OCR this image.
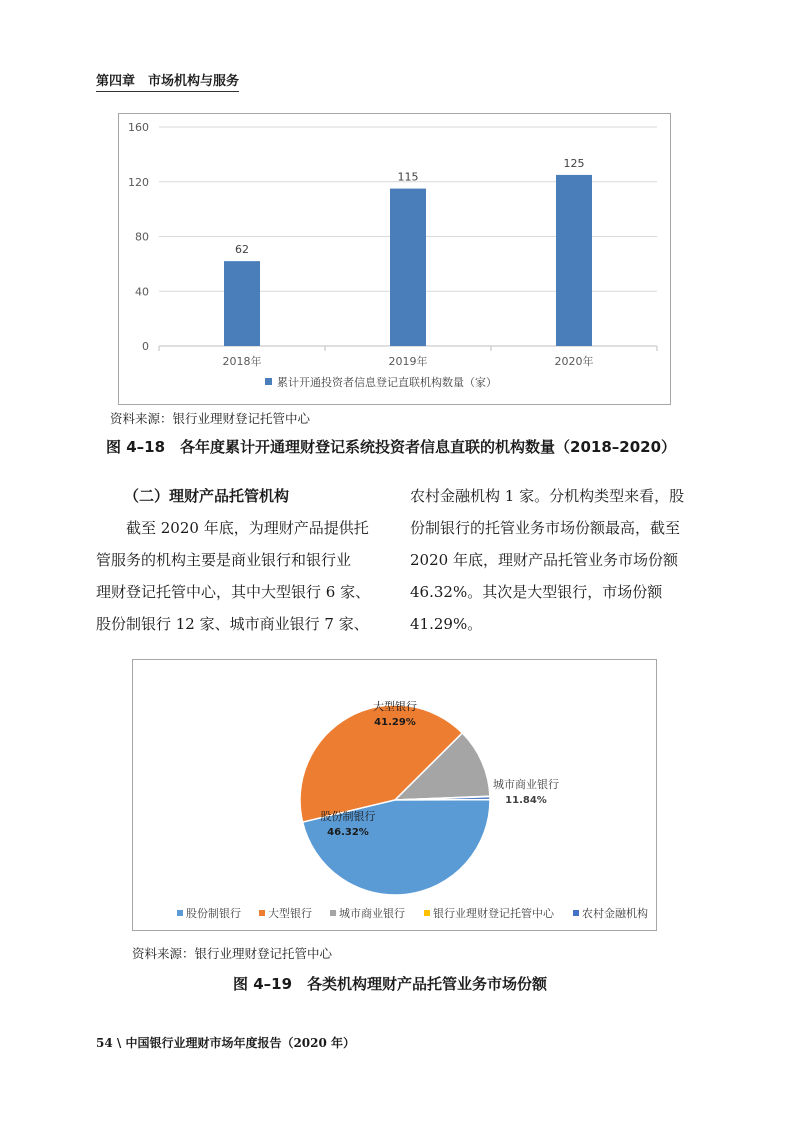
第四章　市场机构与服务
0
40
80
120
160
62
2018年
115
2019年
125
2020年
累计开通投资者信息登记直联机构数量（家）
资料来源：银行业理财登记托管中心
图 4–18　各年度累计开通理财登记系统投资者信息直联的机构数量（2018–2020）

（二）理财产品托管机构

截至 2020 年底，为理财产品提供托

管服务的机构主要是商业银行和银行业

理财登记托管中心，其中大型银行 6 家、

股份制银行 12 家、城市商业银行 7 家、

农村金融机构 1 家。分机构类型来看，股

份制银行的托管业务市场份额最高，截至

2020 年底，理财产品托管业务市场份额

46.32%。其次是大型银行，市场份额

41.29%。

股份制银行
46.32%
大型银行
41.29%
城市商业银行
11.84%
股份制银行 大型银行 城市商业银行	银行业理财登记托管中心	农村金融机构
资料来源：银行业理财登记托管中心
图 4–19　各类机构理财产品托管业务市场份额
54 \ 中国银行业理财市场年度报告（2020 年）
